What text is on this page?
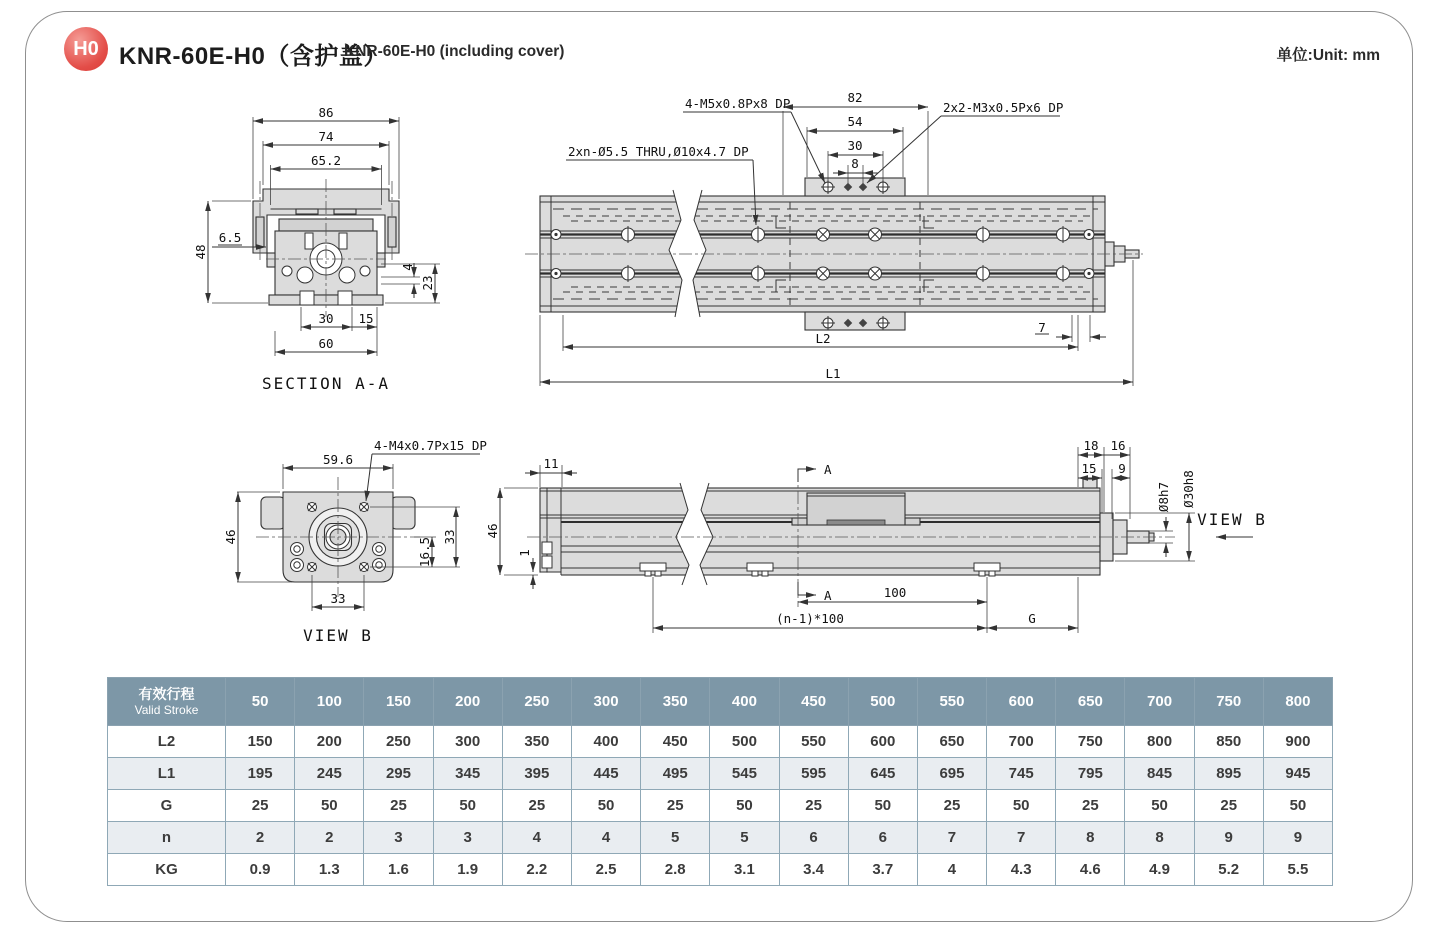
H0 KNR-60E-H0（含护盖）
KNR-60E-H0 (including cover)	单位:Unit: mm
86
74
65.2
48
6.5
30 15
60
4
23
SECTION A-A
82
54
30
8
4-M5x0.8Px8 DP	2x2-M3x0.5Px6 DP
2xn-Ø5.5 THRU,Ø10x4.7 DP
7
L2
L1
4-M4x0.7Px15 DP
59.6
46	33
16.5
33
VIEW B
11
46
1
A
A
18 16
15 9
Ø8h7 Ø30h8
VIEW B
100
(n-1)*100	G
有效行程
Valid Stroke	50	100	150	200	250	300	350	400	450	500	550	600	650	700	750	800
L2	150	200	250	300	350	400	450	500	550	600	650	700	750	800	850	900
L1	195	245	295	345	395	445	495	545	595	645	695	745	795	845	895	945
G	25	50	25	50	25	50	25	50	25	50	25	50	25	50	25	50
n	2	2	3	3	4	4	5	5	6	6	7	7	8	8	9	9
KG	0.9	1.3	1.6	1.9	2.2	2.5	2.8	3.1	3.4	3.7	4	4.3	4.6	4.9	5.2	5.5
